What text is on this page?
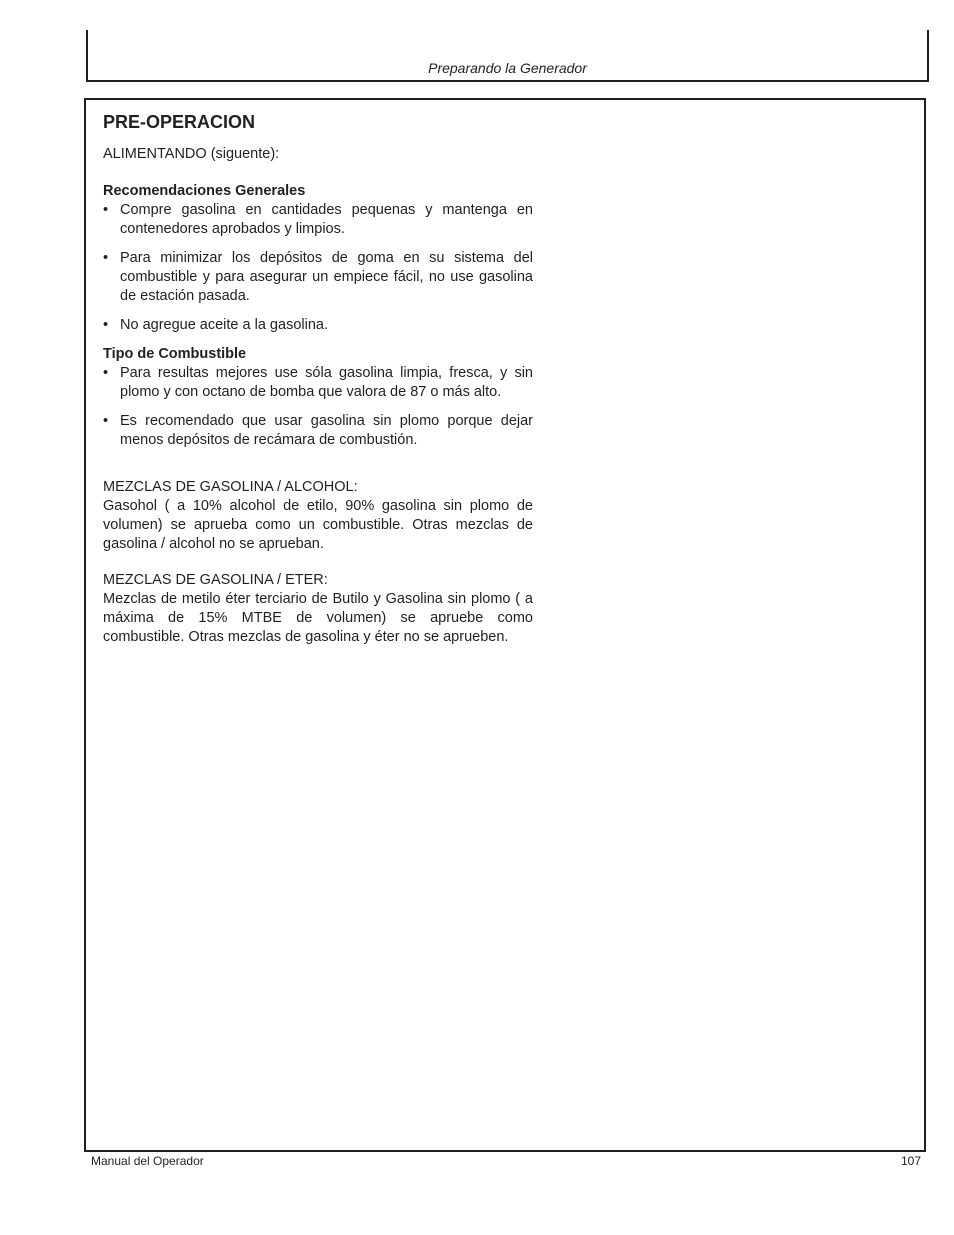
Preparando la Generador
PRE-OPERACION

ALIMENTANDO (siguente):

Recomendaciones Generales
• Compre gasolina en cantidades pequenas y mantenga en contenedores aprobados y limpios.
• Para minimizar los depósitos de goma en su sistema del combustible y para asegurar un empiece fácil, no use gasolina de estación pasada.
• No agregue aceite a la gasolina.
Tipo de Combustible
• Para resultas mejores use sóla gasolina limpia, fresca, y sin plomo y con octano de bomba que valora de 87 o más alto.
• Es recomendado que usar gasolina sin plomo porque dejar menos depósitos de recámara de combustión.

MEZCLAS DE GASOLINA / ALCOHOL:

Gasohol ( a 10% alcohol de etilo, 90% gasolina sin plomo de volumen) se aprueba como un combustible. Otras mezclas de gasolina / alcohol no se aprueban.

MEZCLAS DE GASOLINA / ETER:

Mezclas de metilo éter terciario de Butilo y Gasolina sin plomo ( a máxima de 15% MTBE de volumen) se apruebe como combustible. Otras mezclas de gasolina y éter no se aprueben.

Manual del Operador	107
